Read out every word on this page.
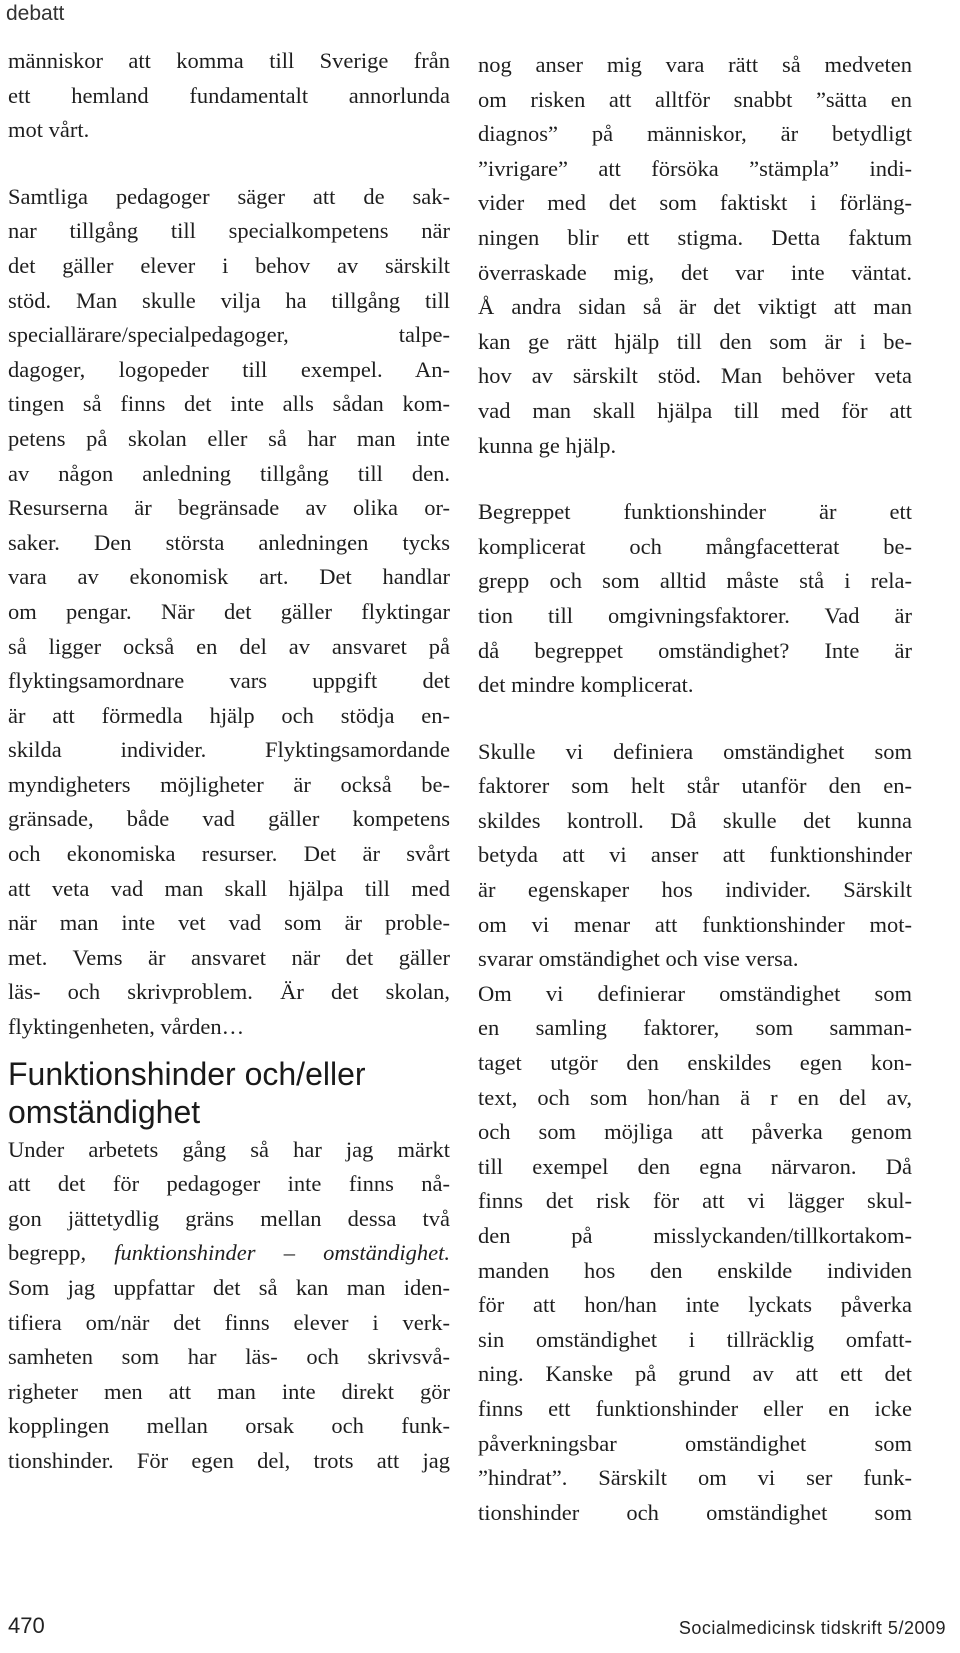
debatt
människor att komma till Sverige från
ett hemland fundamentalt annorlunda
mot vårt.
Samtliga pedagoger säger att de sak-
nar tillgång till specialkompetens när
det gäller elever i behov av särskilt
stöd. Man skulle vilja ha tillgång till
speciallärare/specialpedagoger, talpe-
dagoger, logopeder till exempel. An-
tingen så finns det inte alls sådan kom-
petens på skolan eller så har man inte
av någon anledning tillgång till den.
Resurserna är begränsade av olika or-
saker. Den största anledningen tycks
vara av ekonomisk art. Det handlar
om pengar. När det gäller flyktingar
så ligger också en del av ansvaret på
flyktingsamordnare vars uppgift det
är att förmedla hjälp och stödja en-
skilda individer. Flyktingsamordande
myndigheters möjligheter är också be-
gränsade, både vad gäller kompetens
och ekonomiska resurser. Det är svårt
att veta vad man skall hjälpa till med
när man inte vet vad som är proble-
met. Vems är ansvaret när det gäller
läs- och skrivproblem. Är det skolan,
flyktingenheten, vården…
Funktionshinder och/eller
omständighet
Under arbetets gång så har jag märkt
att det för pedagoger inte finns nå-
gon jättetydlig gräns mellan dessa två
begrepp, funktionshinder – omständighet.
Som jag uppfattar det så kan man iden-
tifiera om/när det finns elever i verk-
samheten som har läs- och skrivsvå-
righeter men att man inte direkt gör
kopplingen mellan orsak och funk-
tionshinder. För egen del, trots att jag
nog anser mig vara rätt så medveten
om risken att alltför snabbt ”sätta en
diagnos” på människor, är betydligt
”ivrigare” att försöka ”stämpla” indi-
vider med det som faktiskt i förläng-
ningen blir ett stigma. Detta faktum
överraskade mig, det var inte väntat.
Å andra sidan så är det viktigt att man
kan ge rätt hjälp till den som är i be-
hov av särskilt stöd. Man behöver veta
vad man skall hjälpa till med för att
kunna ge hjälp.
Begreppet funktionshinder är ett
komplicerat och mångfacetterat be-
grepp och som alltid måste stå i rela-
tion till omgivningsfaktorer. Vad är
då begreppet omständighet? Inte är
det mindre komplicerat.
Skulle vi definiera omständighet som
faktorer som helt står utanför den en-
skildes kontroll. Då skulle det kunna
betyda att vi anser att funktionshinder
är egenskaper hos individer. Särskilt
om vi menar att funktionshinder mot-
svarar omständighet och vise versa.
Om vi definierar omständighet som
en samling faktorer, som samman-
taget utgör den enskildes egen kon-
text, och som hon/han ä r en del av,
och som möjliga att påverka genom
till exempel den egna närvaron. Då
finns det risk för att vi lägger skul-
den på misslyckanden/tillkortakom-
manden hos den enskilde individen
för att hon/han inte lyckats påverka
sin omständighet i tillräcklig omfatt-
ning. Kanske på grund av att ett det
finns ett funktionshinder eller en icke
påverkningsbar omständighet som
”hindrat”. Särskilt om vi ser funk-
tionshinder och omständighet som
470	Socialmedicinsk tidskrift 5/2009
